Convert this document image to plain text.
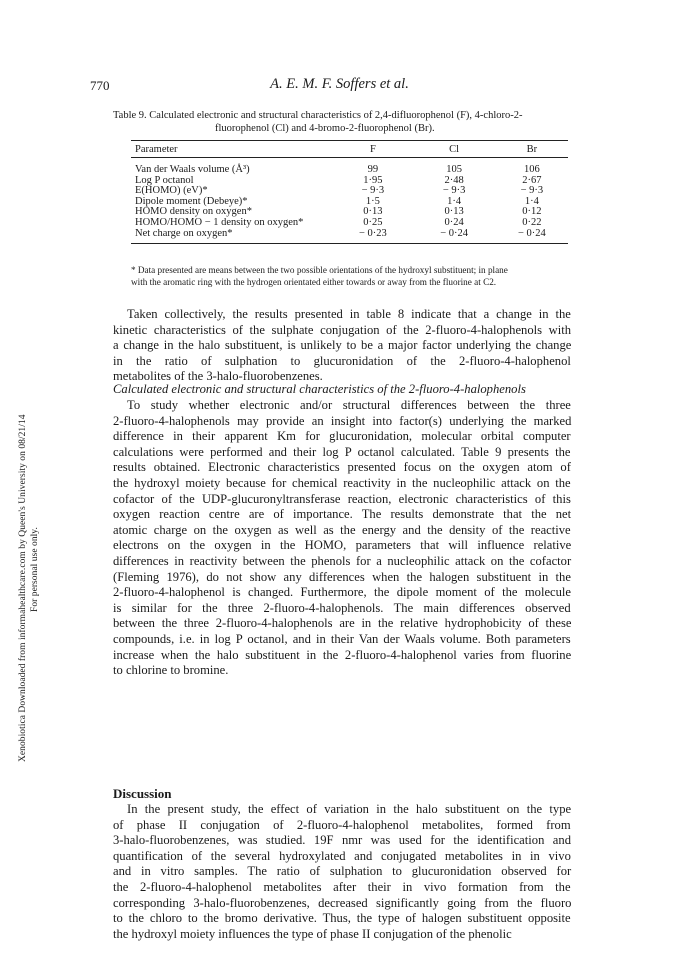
770	A. E. M. F. Soffers et al.
Xenobiotica Downloaded from informahealthcare.com by Queen's University on 08/21/14 For personal use only.
Table 9. Calculated electronic and structural characteristics of 2,4-difluorophenol (F), 4-chloro-2-
fluorophenol (Cl) and 4-bromo-2-fluorophenol (Br).
Parameter	F	Cl	Br
Van der Waals volume (Å³)	99	105	106
Log P octanol	1·95	2·48	2·67
E(HOMO) (eV)*	− 9·3	− 9·3	− 9·3
Dipole moment (Debeye)*	1·5	1·4	1·4
HOMO density on oxygen*	0·13	0·13	0·12
HOMO/HOMO − 1 density on oxygen*	0·25	0·24	0·22
Net charge on oxygen*	− 0·23	− 0·24	− 0·24
* Data presented are means between the two possible orientations of the hydroxyl substituent; in plane
with the aromatic ring with the hydrogen orientated either towards or away from the fluorine at C2.
Taken collectively, the results presented in table 8 indicate that a change in the
kinetic characteristics of the sulphate conjugation of the 2-fluoro-4-halophenols with
a change in the halo substituent, is unlikely to be a major factor underlying the change
in the ratio of sulphation to glucuronidation of the 2-fluoro-4-halophenol
metabolites of the 3-halo-fluorobenzenes.
Calculated electronic and structural characteristics of the 2-fluoro-4-halophenols
To study whether electronic and/or structural differences between the three
2-fluoro-4-halophenols may provide an insight into factor(s) underlying the marked
difference in their apparent Km for glucuronidation, molecular orbital computer
calculations were performed and their log P octanol calculated. Table 9 presents the
results obtained. Electronic characteristics presented focus on the oxygen atom of
the hydroxyl moiety because for chemical reactivity in the nucleophilic attack on the
cofactor of the UDP-glucuronyltransferase reaction, electronic characteristics of this
oxygen reaction centre are of importance. The results demonstrate that the net
atomic charge on the oxygen as well as the energy and the density of the reactive
electrons on the oxygen in the HOMO, parameters that will influence relative
differences in reactivity between the phenols for a nucleophilic attack on the cofactor
(Fleming 1976), do not show any differences when the halogen substituent in the
2-fluoro-4-halophenol is changed. Furthermore, the dipole moment of the molecule
is similar for the three 2-fluoro-4-halophenols. The main differences observed
between the three 2-fluoro-4-halophenols are in the relative hydrophobicity of these
compounds, i.e. in log P octanol, and in their Van der Waals volume. Both parameters
increase when the halo substituent in the 2-fluoro-4-halophenol varies from fluorine
to chlorine to bromine.
Discussion
In the present study, the effect of variation in the halo substituent on the type
of phase II conjugation of 2-fluoro-4-halophenol metabolites, formed from
3-halo-fluorobenzenes, was studied. 19F nmr was used for the identification and
quantification of the several hydroxylated and conjugated metabolites in in vivo
and in vitro samples. The ratio of sulphation to glucuronidation observed for
the 2-fluoro-4-halophenol metabolites after their in vivo formation from the
corresponding 3-halo-fluorobenzenes, decreased significantly going from the fluoro
to the chloro to the bromo derivative. Thus, the type of halogen substituent opposite
the hydroxyl moiety influences the type of phase II conjugation of the phenolic
